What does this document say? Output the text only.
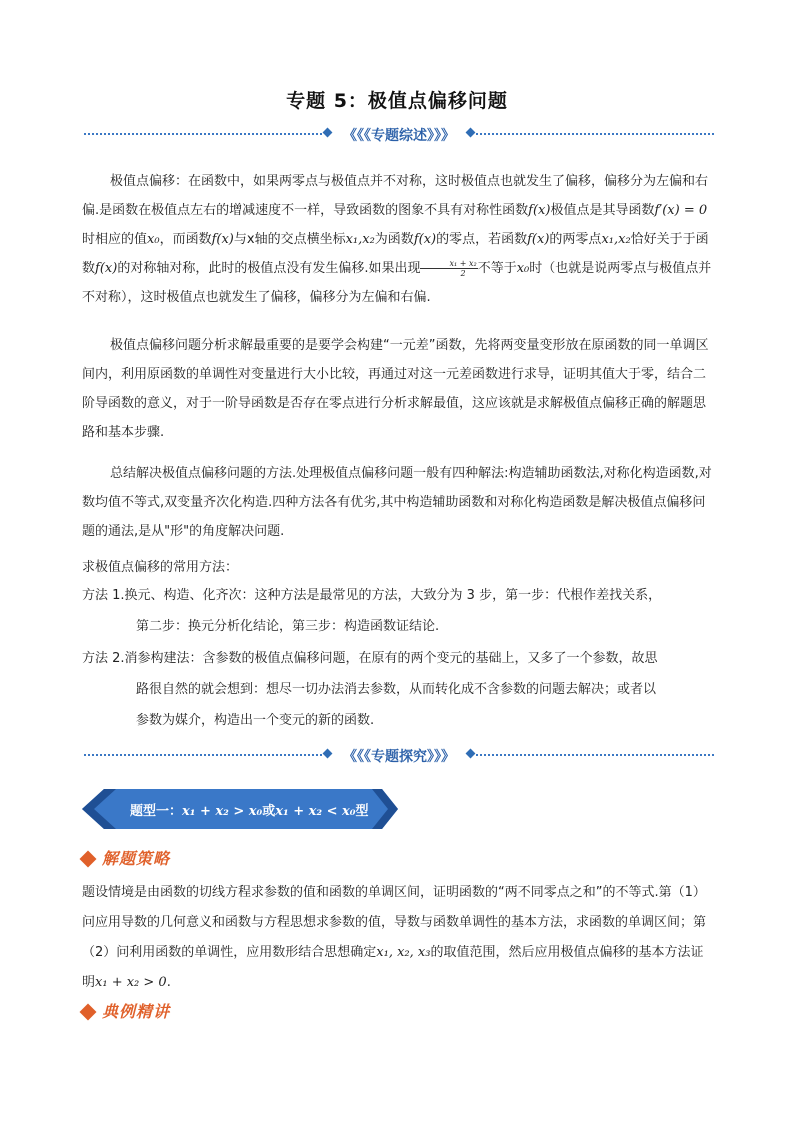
专题 5：极值点偏移问题
《《《专题综述》》》
极值点偏移：在函数中，如果两零点与极值点并不对称，这时极值点也就发生了偏移，偏移分为左偏和右偏.是函数在极值点左右的增减速度不一样，导致函数的图象不具有对称性函数f(x)极值点是其导函数f′(x) = 0时相应的值x₀，而函数f(x)与x轴的交点横坐标x₁,x₂为函数f(x)的零点，若函数f(x)的两零点x₁,x₂恰好关于于函数f(x)的对称轴对称，此时的极值点没有发生偏移.如果出现 $\frac{\text{x₁ + x₂}}{2}$ 不等于x₀时（也就是说两零点与极值点并不对称），这时极值点也就发生了偏移，偏移分为左偏和右偏.
极值点偏移问题分析求解最重要的是要学会构建“一元差”函数，先将两变量变形放在原函数的同一单调区间内，利用原函数的单调性对变量进行大小比较，再通过对这一元差函数进行求导，证明其值大于零，结合二阶导函数的意义，对于一阶导函数是否存在零点进行分析求解最值，这应该就是求解极值点偏移正确的解题思路和基本步骤.
总结解决极值点偏移问题的方法.处理极值点偏移问题一般有四种解法:构造辅助函数法,对称化构造函数,对数均值不等式,双变量齐次化构造.四种方法各有优劣,其中构造辅助函数和对称化构造函数是解决极值点偏移问题的通法,是从"形"的角度解决问题.
求极值点偏移的常用方法：
方法 1.换元、构造、化齐次：这种方法是最常见的方法，大致分为 3 步，第一步：代根作差找关系，
第二步：换元分析化结论，第三步：构造函数证结论.
方法 2.消参构建法：含参数的极值点偏移问题，在原有的两个变元的基础上，又多了一个参数，故思
路很自然的就会想到：想尽一切办法消去参数，从而转化成不含参数的问题去解决；或者以
参数为媒介，构造出一个变元的新的函数.
《《《专题探究》》》
题型一：x₁ + x₂ > x₀或x₁ + x₂ < x₀型
解题策略
题设情境是由函数的切线方程求参数的值和函数的单调区间，证明函数的“两不同零点之和”的不等式.第（1）问应用导数的几何意义和函数与方程思想求参数的值，导数与函数单调性的基本方法，求函数的单调区间；第（2）问利用函数的单调性，应用数形结合思想确定x₁, x₂, x₃的取值范围，然后应用极值点偏移的基本方法证明x₁ + x₂ > 0.
典例精讲
